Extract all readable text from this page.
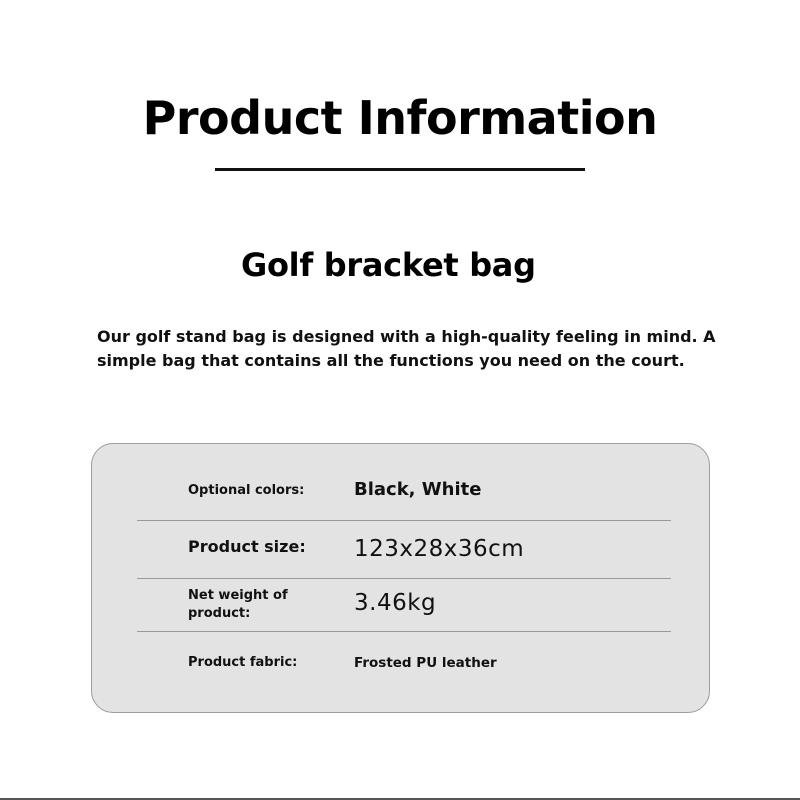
Product Information
Golf bracket bag
Our golf stand bag is designed with a high-quality feeling in mind. A
simple bag that contains all the functions you need on the court.
Optional colors:	Black, White
Product size: 123x28x36cm
Net weight of
product:	3.46kg
Product fabric:	Frosted PU leather
